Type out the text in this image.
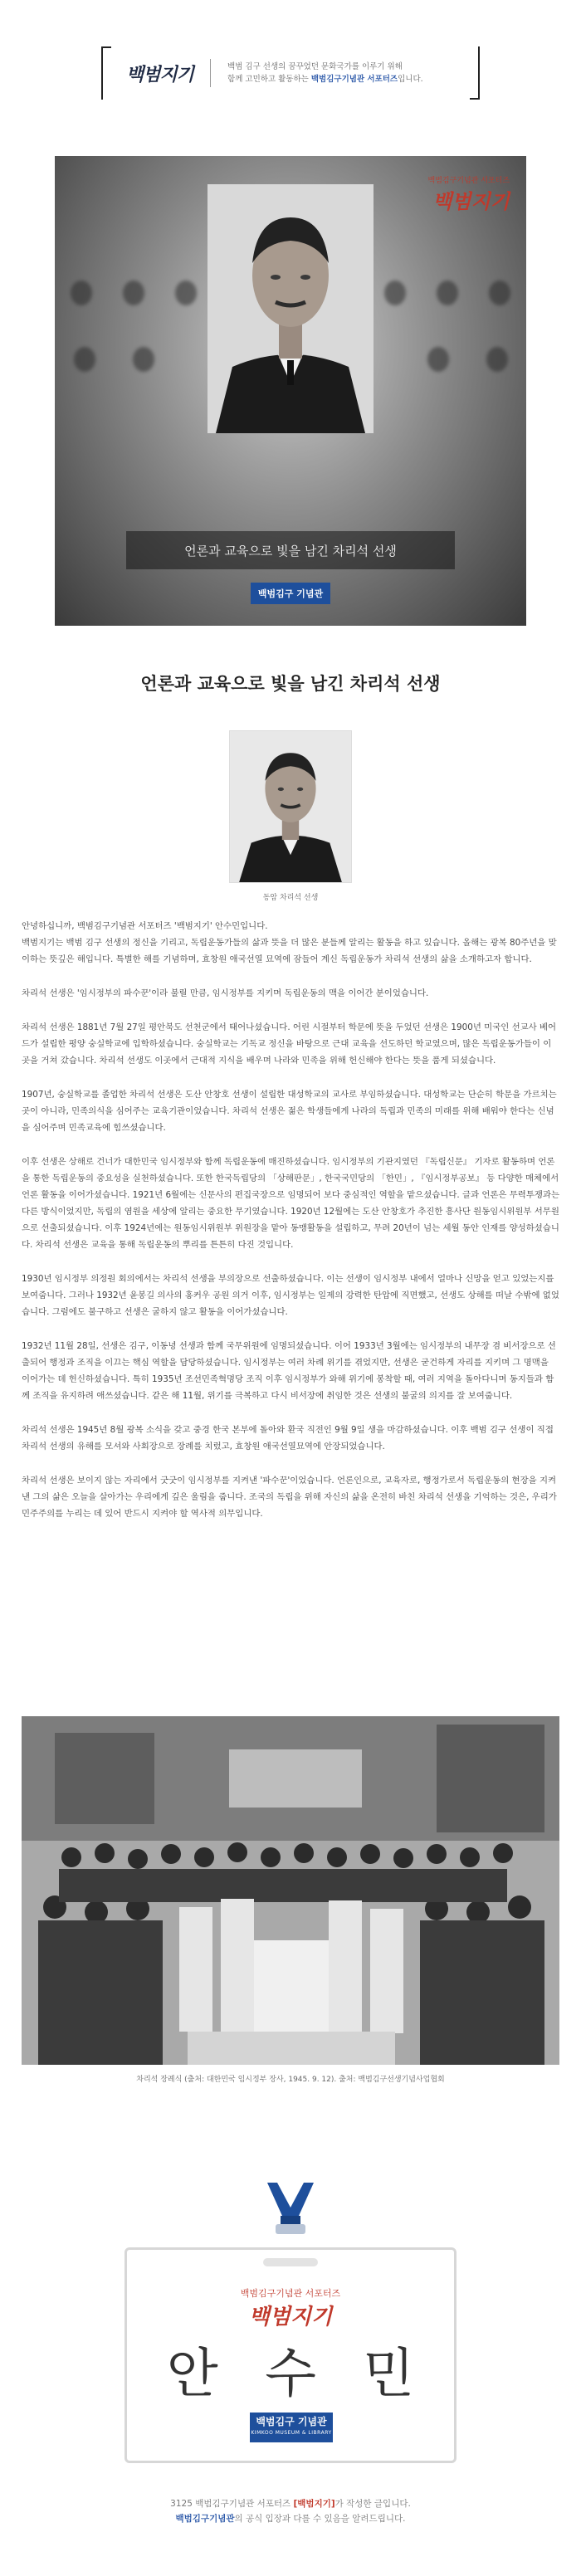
백범지기	백범 김구 선생의 꿈꾸었던 문화국가를 이루기 위해
함께 고민하고 활동하는 백범김구기념관 서포터즈입니다.
백범김구기념관 서포터즈
백범지기
언론과 교육으로 빛을 남긴 차리석 선생
백범김구 기념관
언론과 교육으로 빛을 남긴 차리석 선생
동암 차리석 선생

안녕하십니까, 백범김구기념관 서포터즈 '백범지기' 안수민입니다.
백범지기는 백범 김구 선생의 정신을 기리고, 독립운동가들의 삶과 뜻을 더 많은 분들께 알리는 활동을 하고 있습니다. 올해는 광복 80주년을 맞이하는 뜻깊은 해입니다. 특별한 해를 기념하며, 효창원 애국선열 묘역에 잠들어 계신 독립운동가 차리석 선생의 삶을 소개하고자 합니다.

차리석 선생은 '임시정부의 파수꾼'이라 불릴 만큼, 임시정부를 지키며 독립운동의 맥을 이어간 분이었습니다.

차리석 선생은 1881년 7월 27일 평안북도 선천군에서 태어나셨습니다. 어린 시절부터 학문에 뜻을 두었던 선생은 1900년 미국인 선교사 베어드가 설립한 평양 숭실학교에 입학하셨습니다. 숭실학교는 기독교 정신을 바탕으로 근대 교육을 선도하던 학교였으며, 많은 독립운동가들이 이곳을 거쳐 갔습니다. 차리석 선생도 이곳에서 근대적 지식을 배우며 나라와 민족을 위해 헌신해야 한다는 뜻을 품게 되셨습니다.

1907년, 숭실학교를 졸업한 차리석 선생은 도산 안창호 선생이 설립한 대성학교의 교사로 부임하셨습니다. 대성학교는 단순히 학문을 가르치는 곳이 아니라, 민족의식을 심어주는 교육기관이었습니다. 차리석 선생은 젊은 학생들에게 나라의 독립과 민족의 미래를 위해 배워야 한다는 신념을 심어주며 민족교육에 힘쓰셨습니다.

이후 선생은 상해로 건너가 대한민국 임시정부와 함께 독립운동에 매진하셨습니다. 임시정부의 기관지였던 『독립신문』 기자로 활동하며 언론을 통한 독립운동의 중요성을 실천하셨습니다. 또한 한국독립당의 「상해판문」, 한국국민당의 「한민」, 『임시정부공보』 등 다양한 매체에서 언론 활동을 이어가셨습니다. 1921년 6월에는 신문사의 편집국장으로 임명되어 보다 중심적인 역할을 맡으셨습니다. 글과 언론은 무력투쟁과는 다른 방식이었지만, 독립의 염원을 세상에 알리는 중요한 무기였습니다. 1920년 12월에는 도산 안창호가 추진한 흥사단 원동임시위원부 서무원으로 선출되셨습니다. 이후 1924년에는 원동임시위원부 위원장을 맡아 동맹활동을 설립하고, 무려 20년이 넘는 세월 동안 인재를 양성하셨습니다. 차리석 선생은 교육을 통해 독립운동의 뿌리를 튼튼히 다진 것입니다.

1930년 임시정부 의정원 회의에서는 차리석 선생을 부의장으로 선출하셨습니다. 이는 선생이 임시정부 내에서 얼마나 신망을 얻고 있었는지를 보여줍니다. 그러나 1932년 윤봉길 의사의 홍커우 공원 의거 이후, 임시정부는 일제의 강력한 탄압에 직면했고, 선생도 상해를 떠날 수밖에 없었습니다. 그럼에도 불구하고 선생은 굴하지 않고 활동을 이어가셨습니다.

1932년 11월 28일, 선생은 김구, 이동녕 선생과 함께 국무위원에 임명되셨습니다. 이어 1933년 3월에는 임시정부의 내무장 겸 비서장으로 선출되어 행정과 조직을 이끄는 핵심 역할을 담당하셨습니다. 임시정부는 여러 차례 위기를 겪었지만, 선생은 굳건하게 자리를 지키며 그 명맥을 이어가는 데 헌신하셨습니다. 특히 1935년 조선민족혁명당 조직 이후 임시정부가 와해 위기에 봉착할 때, 여러 지역을 돌아다니며 동지들과 함께 조직을 유지하려 애쓰셨습니다. 같은 해 11월, 위기를 극복하고 다시 비서장에 취임한 것은 선생의 불굴의 의지를 잘 보여줍니다.

차리석 선생은 1945년 8월 광복 소식을 갖고 중경 한국 본부에 돌아와 환국 직전인 9월 9일 생을 마감하셨습니다. 이후 백범 김구 선생이 직접 차리석 선생의 유해를 모셔와 사회장으로 장례를 치렀고, 효창원 애국선열묘역에 안장되었습니다.

차리석 선생은 보이지 않는 자리에서 굿굿이 임시정부를 지켜낸 '파수꾼'이었습니다. 언론인으로, 교육자로, 행정가로서 독립운동의 현장을 지켜낸 그의 삶은 오늘을 살아가는 우리에게 깊은 울림을 줍니다. 조국의 독립을 위해 자신의 삶을 온전히 바친 차리석 선생을 기억하는 것은, 우리가 민주주의를 누리는 데 있어 반드시 지켜야 할 역사적 의무입니다.

차리석 장례식 (출처: 대한민국 임시정부 장사, 1945. 9. 12). 출처: 백범김구선생기념사업협회
백범김구기념관 서포터즈
백범지기
안 수 민
백범김구 기념관
KIMKOO MUSEUM & LIBRARY
3125 백범김구기념관 서포터즈 [백범지기]가 작성한 글입니다.
백범김구기념관의 공식 입장과 다를 수 있음을 알려드립니다.
